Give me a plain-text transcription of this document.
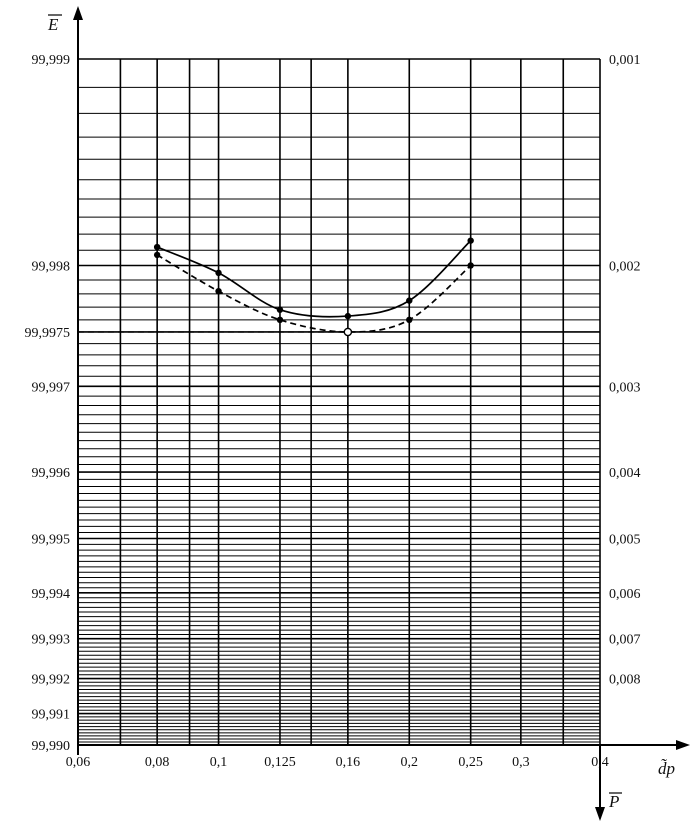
0,06	0,08	0,1	0,125	0,16	0,2	0,25 0,3	0,4
99,999
99,998
99,9975
99,997
99,996
99,995
99,994
99,993
99,992
99,991
99,990
0,001
0,002
0,003
0,004
0,005
0,006
0,007
0,008
E
d̃p
P
